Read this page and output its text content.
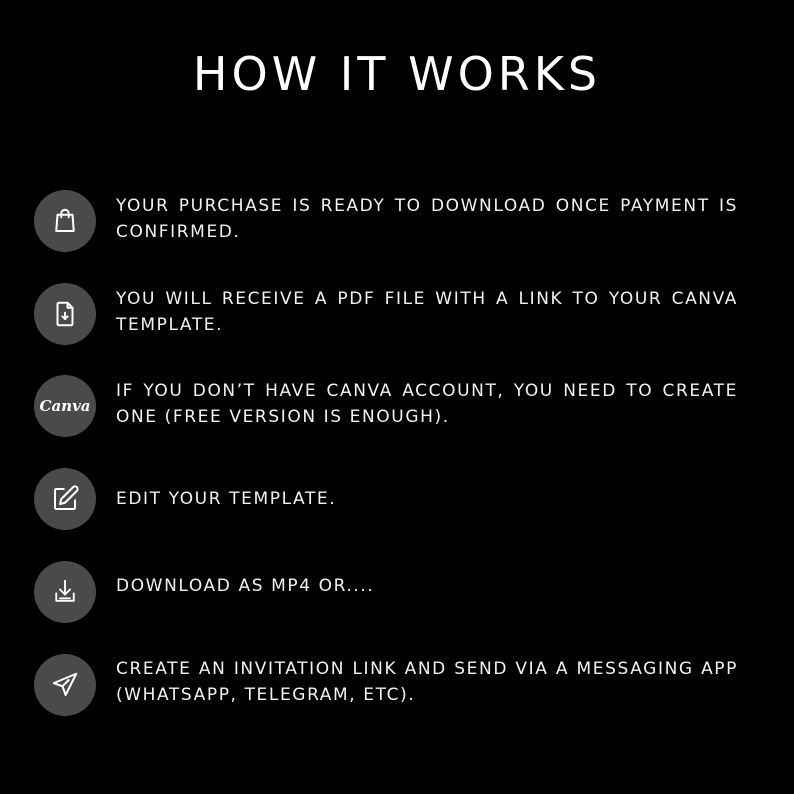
HOW IT WORKS
YOUR PURCHASE IS READY TO DOWNLOAD ONCE PAYMENT IS CONFIRMED.
YOU WILL RECEIVE A PDF FILE WITH A LINK TO YOUR CANVA TEMPLATE.
Canva
IF YOU DON’T HAVE CANVA ACCOUNT, YOU NEED TO CREATE ONE (FREE VERSION IS ENOUGH).
EDIT YOUR TEMPLATE.
DOWNLOAD AS MP4 OR....
CREATE AN INVITATION LINK AND SEND VIA A MESSAGING APP (WHATSAPP, TELEGRAM, ETC).
